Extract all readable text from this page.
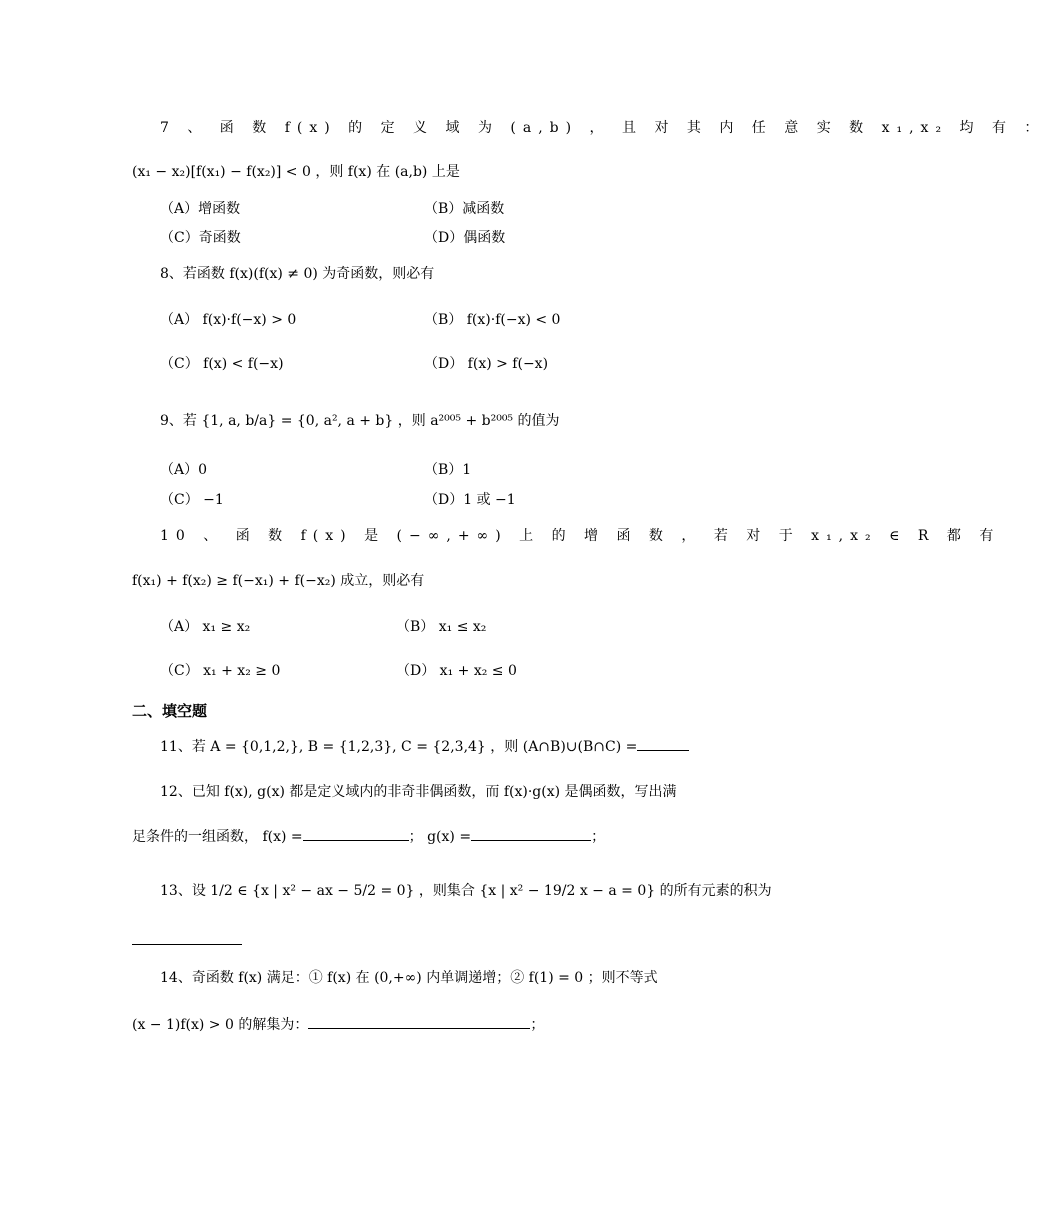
7 、 函 数 f(x) 的 定 义 域 为 (a,b) ， 且 对 其 内 任 意 实 数 x₁,x₂ 均 有 ：
(x₁ − x₂)[f(x₁) − f(x₂)] < 0 ，则 f(x) 在 (a,b) 上是
（A）增函数	（B）减函数
（C）奇函数	（D）偶函数
8、若函数 f(x)(f(x) ≠ 0) 为奇函数，则必有
（A） f(x)·f(−x) > 0	（B） f(x)·f(−x) < 0
（C） f(x) < f(−x)	（D） f(x) > f(−x)
9、若 {1, a, b/a} = {0, a², a + b} ，则 a²⁰⁰⁵ + b²⁰⁰⁵ 的值为
（A）0	（B）1
（C） −1	（D）1 或 −1
10 、 函 数 f(x) 是 (−∞,+∞) 上 的 增 函 数 ， 若 对 于 x₁,x₂ ∈ R 都 有
f(x₁) + f(x₂) ≥ f(−x₁) + f(−x₂) 成立，则必有
（A） x₁ ≥ x₂	（B） x₁ ≤ x₂
（C） x₁ + x₂ ≥ 0	（D） x₁ + x₂ ≤ 0
二、填空题
11、若 A = {0,1,2,}, B = {1,2,3}, C = {2,3,4} ，则 (A∩B)∪(B∩C) =
12、已知 f(x), g(x) 都是定义域内的非奇非偶函数，而 f(x)·g(x) 是偶函数，写出满
足条件的一组函数， f(x) =	； g(x) =	；
13、设 1/2 ∈ {x | x² − ax − 5/2 = 0} ，则集合 {x | x² − 19/2 x − a = 0} 的所有元素的积为
14、奇函数 f(x) 满足：① f(x) 在 (0,+∞) 内单调递增；② f(1) = 0 ；则不等式
(x − 1)f(x) > 0 的解集为：	；
